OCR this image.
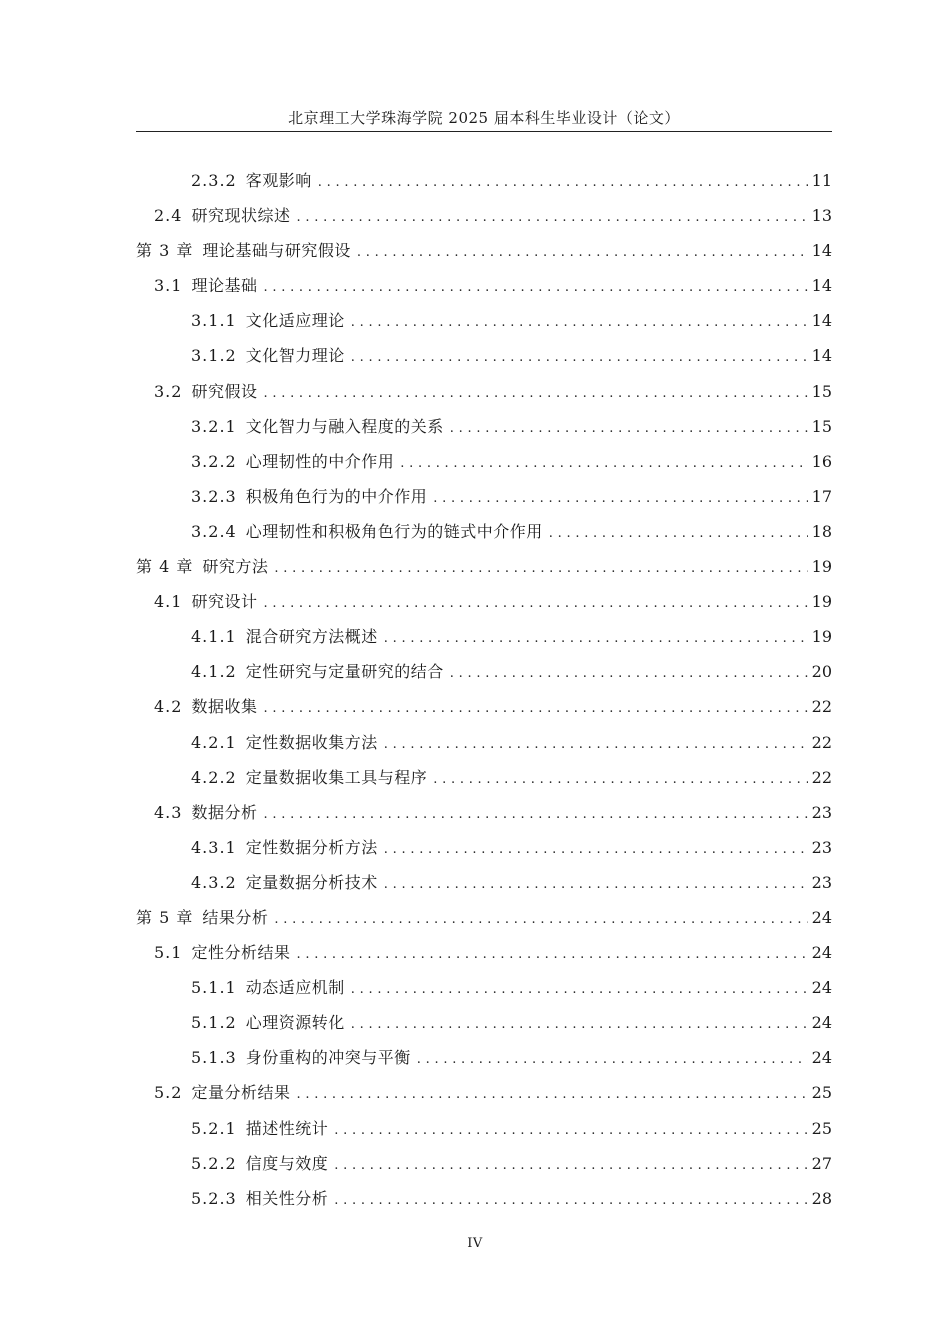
北京理工大学珠海学院 2025 届本科生毕业设计（论文）
2.3.2 客观影响 . . .	11
2.4 研究现状综述 . . .	13
第 3 章 理论基础与研究假设 . . .	14
3.1 理论基础 . . .	14
3.1.1 文化适应理论 . . .	14
3.1.2 文化智力理论 . . .	14
3.2 研究假设 . . .	15
3.2.1 文化智力与融入程度的关系 . . .	15
3.2.2 心理韧性的中介作用 . . .	16
3.2.3 积极角色行为的中介作用 . . .	17
3.2.4 心理韧性和积极角色行为的链式中介作用 . . .	18
第 4 章 研究方法 . . .	19
4.1 研究设计 . . .	19
4.1.1 混合研究方法概述 . . .	19
4.1.2 定性研究与定量研究的结合 . . .	20
4.2 数据收集 . . .	22
4.2.1 定性数据收集方法 . . .	22
4.2.2 定量数据收集工具与程序 . . .	22
4.3 数据分析 . . .	23
4.3.1 定性数据分析方法 . . .	23
4.3.2 定量数据分析技术 . . .	23
第 5 章 结果分析 . . .	24
5.1 定性分析结果 . . .	24
5.1.1 动态适应机制 . . .	24
5.1.2 心理资源转化 . . .	24
5.1.3 身份重构的冲突与平衡 . . .	24
5.2 定量分析结果 . . .	25
5.2.1 描述性统计 . . .	25
5.2.2 信度与效度 . . .	27
5.2.3 相关性分析 . . .	28
IV
